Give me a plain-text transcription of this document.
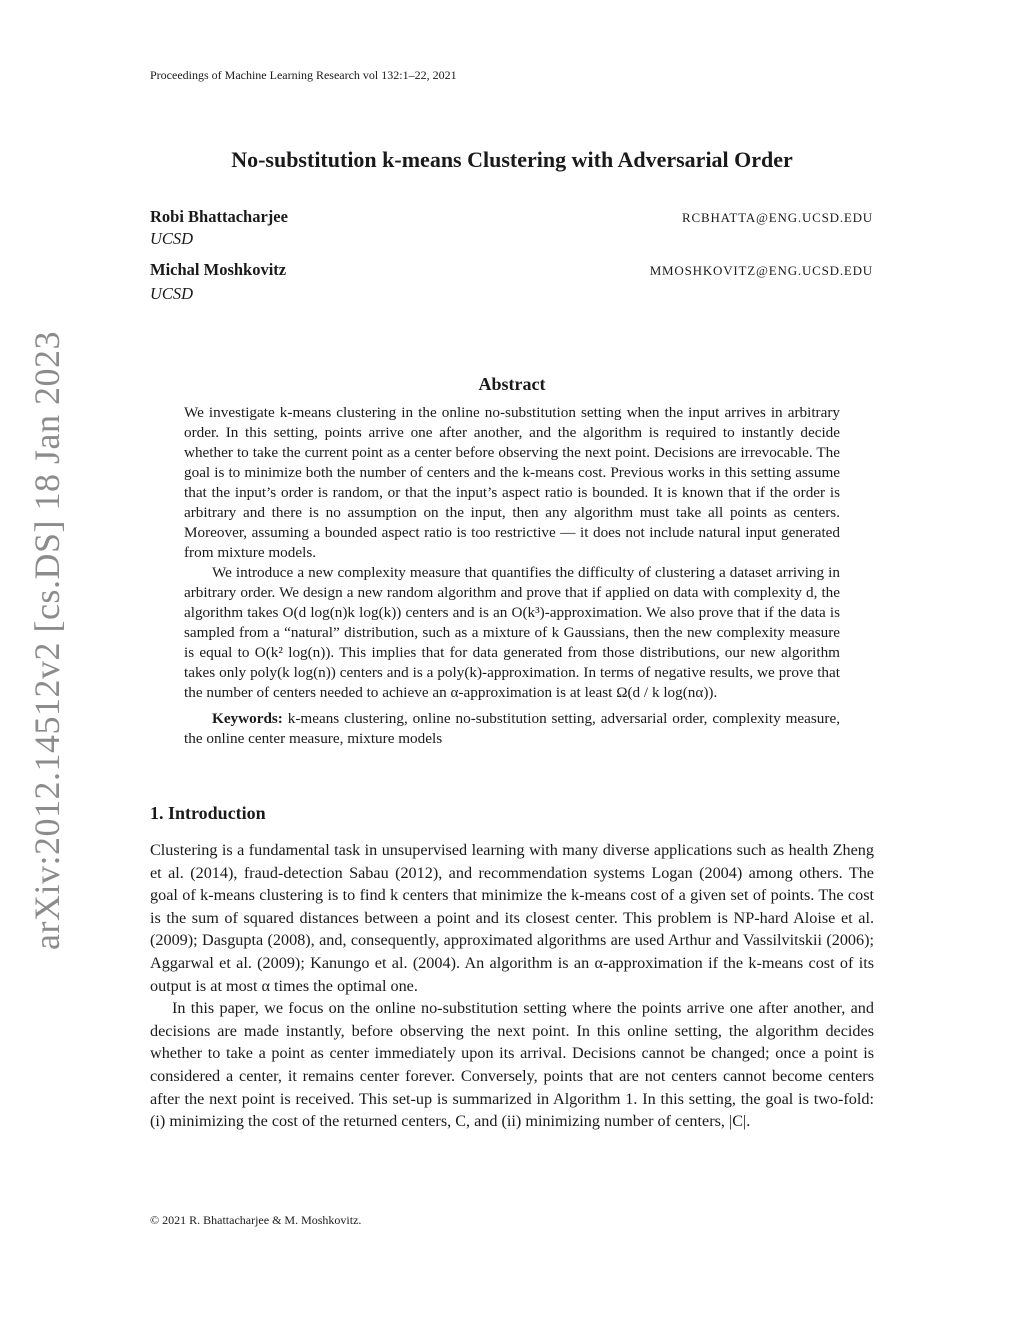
Proceedings of Machine Learning Research vol 132:1–22, 2021
No-substitution k-means Clustering with Adversarial Order
Robi Bhattacharjee	RCBHATTA@ENG.UCSD.EDU
UCSD
Michal Moshkovitz	MMOSHKOVITZ@ENG.UCSD.EDU
UCSD
Abstract

We investigate k-means clustering in the online no-substitution setting when the input arrives in arbitrary order. In this setting, points arrive one after another, and the algorithm is required to instantly decide whether to take the current point as a center before observing the next point. Decisions are irrevocable. The goal is to minimize both the number of centers and the k-means cost. Previous works in this setting assume that the input’s order is random, or that the input’s aspect ratio is bounded. It is known that if the order is arbitrary and there is no assumption on the input, then any algorithm must take all points as centers. Moreover, assuming a bounded aspect ratio is too restrictive — it does not include natural input generated from mixture models.

We introduce a new complexity measure that quantifies the difficulty of clustering a dataset arriving in arbitrary order. We design a new random algorithm and prove that if applied on data with complexity d, the algorithm takes O(d log(n)k log(k)) centers and is an O(k³)-approximation. We also prove that if the data is sampled from a “natural” distribution, such as a mixture of k Gaussians, then the new complexity measure is equal to O(k² log(n)). This implies that for data generated from those distributions, our new algorithm takes only poly(k log(n)) centers and is a poly(k)-approximation. In terms of negative results, we prove that the number of centers needed to achieve an α-approximation is at least Ω(d / k log(nα)).

Keywords: k-means clustering, online no-substitution setting, adversarial order, complexity measure, the online center measure, mixture models

1. Introduction

Clustering is a fundamental task in unsupervised learning with many diverse applications such as health Zheng et al. (2014), fraud-detection Sabau (2012), and recommendation systems Logan (2004) among others. The goal of k-means clustering is to find k centers that minimize the k-means cost of a given set of points. The cost is the sum of squared distances between a point and its closest center. This problem is NP-hard Aloise et al. (2009); Dasgupta (2008), and, consequently, approximated algorithms are used Arthur and Vassilvitskii (2006); Aggarwal et al. (2009); Kanungo et al. (2004). An algorithm is an α-approximation if the k-means cost of its output is at most α times the optimal one.

In this paper, we focus on the online no-substitution setting where the points arrive one after another, and decisions are made instantly, before observing the next point. In this online setting, the algorithm decides whether to take a point as center immediately upon its arrival. Decisions cannot be changed; once a point is considered a center, it remains center forever. Conversely, points that are not centers cannot become centers after the next point is received. This set-up is summarized in Algorithm 1. In this setting, the goal is two-fold: (i) minimizing the cost of the returned centers, C, and (ii) minimizing number of centers, |C|.

© 2021 R. Bhattacharjee & M. Moshkovitz.
arXiv:2012.14512v2 [cs.DS] 18 Jan 2023
